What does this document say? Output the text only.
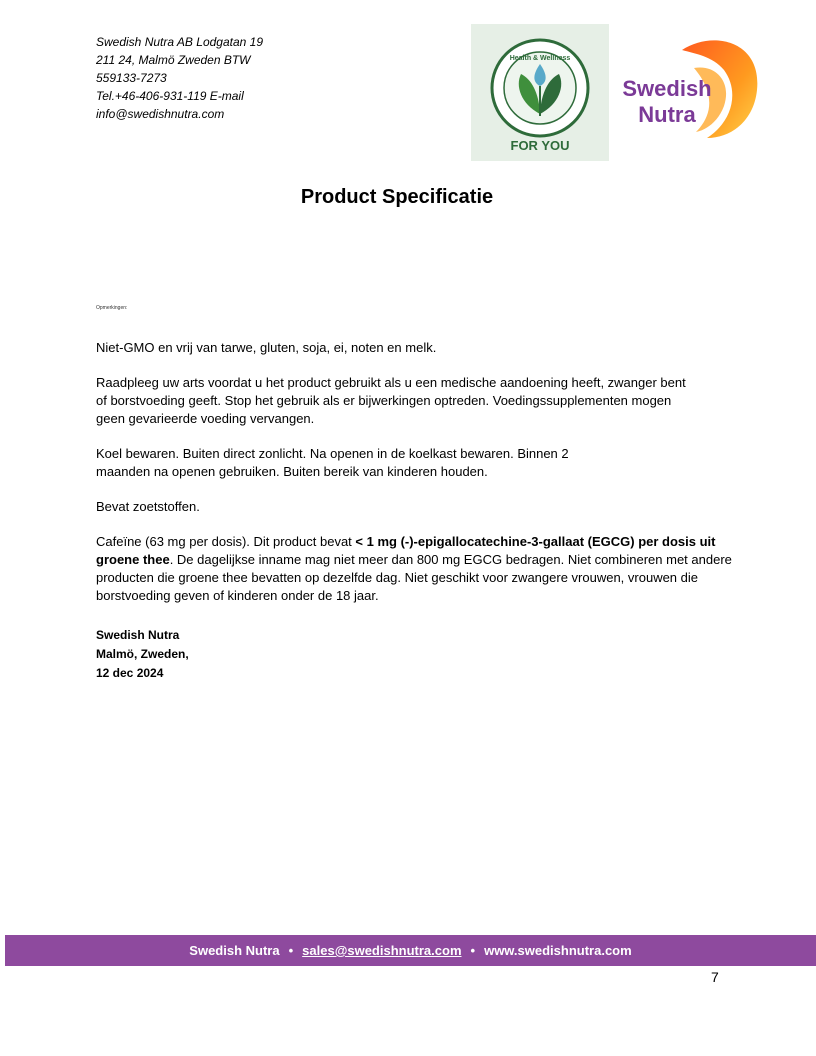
Swedish Nutra AB Lodgatan 19
211 24, Malmö Zweden BTW
559133-7273
Tel.+46-406-931-119 E-mail
info@swedishnutra.com
Health & Wellness
FOR YOU
Swedish
Nutra
Product Specificatie
Opmerkingen:

Niet-GMO en vrij van tarwe, gluten, soja, ei, noten en melk.

Raadpleeg uw arts voordat u het product gebruikt als u een medische aandoening heeft, zwanger bent
of borstvoeding geeft. Stop het gebruik als er bijwerkingen optreden. Voedingssupplementen mogen
geen gevarieerde voeding vervangen.

Koel bewaren. Buiten direct zonlicht. Na openen in de koelkast bewaren. Binnen 2
maanden na openen gebruiken. Buiten bereik van kinderen houden.

Bevat zoetstoffen.

Cafeïne (63 mg per dosis). Dit product bevat < 1 mg (-)-epigallocatechine-3-gallaat (EGCG) per dosis uit groene thee. De dagelijkse inname mag niet meer dan 800 mg EGCG bedragen. Niet combineren met andere producten die groene thee bevatten op dezelfde dag. Niet geschikt voor zwangere vrouwen, vrouwen die borstvoeding geven of kinderen onder de 18 jaar.

Swedish Nutra
Malmö, Zweden,
12 dec 2024
Swedish Nutra • sales@swedishnutra.com • www.swedishnutra.com
7
